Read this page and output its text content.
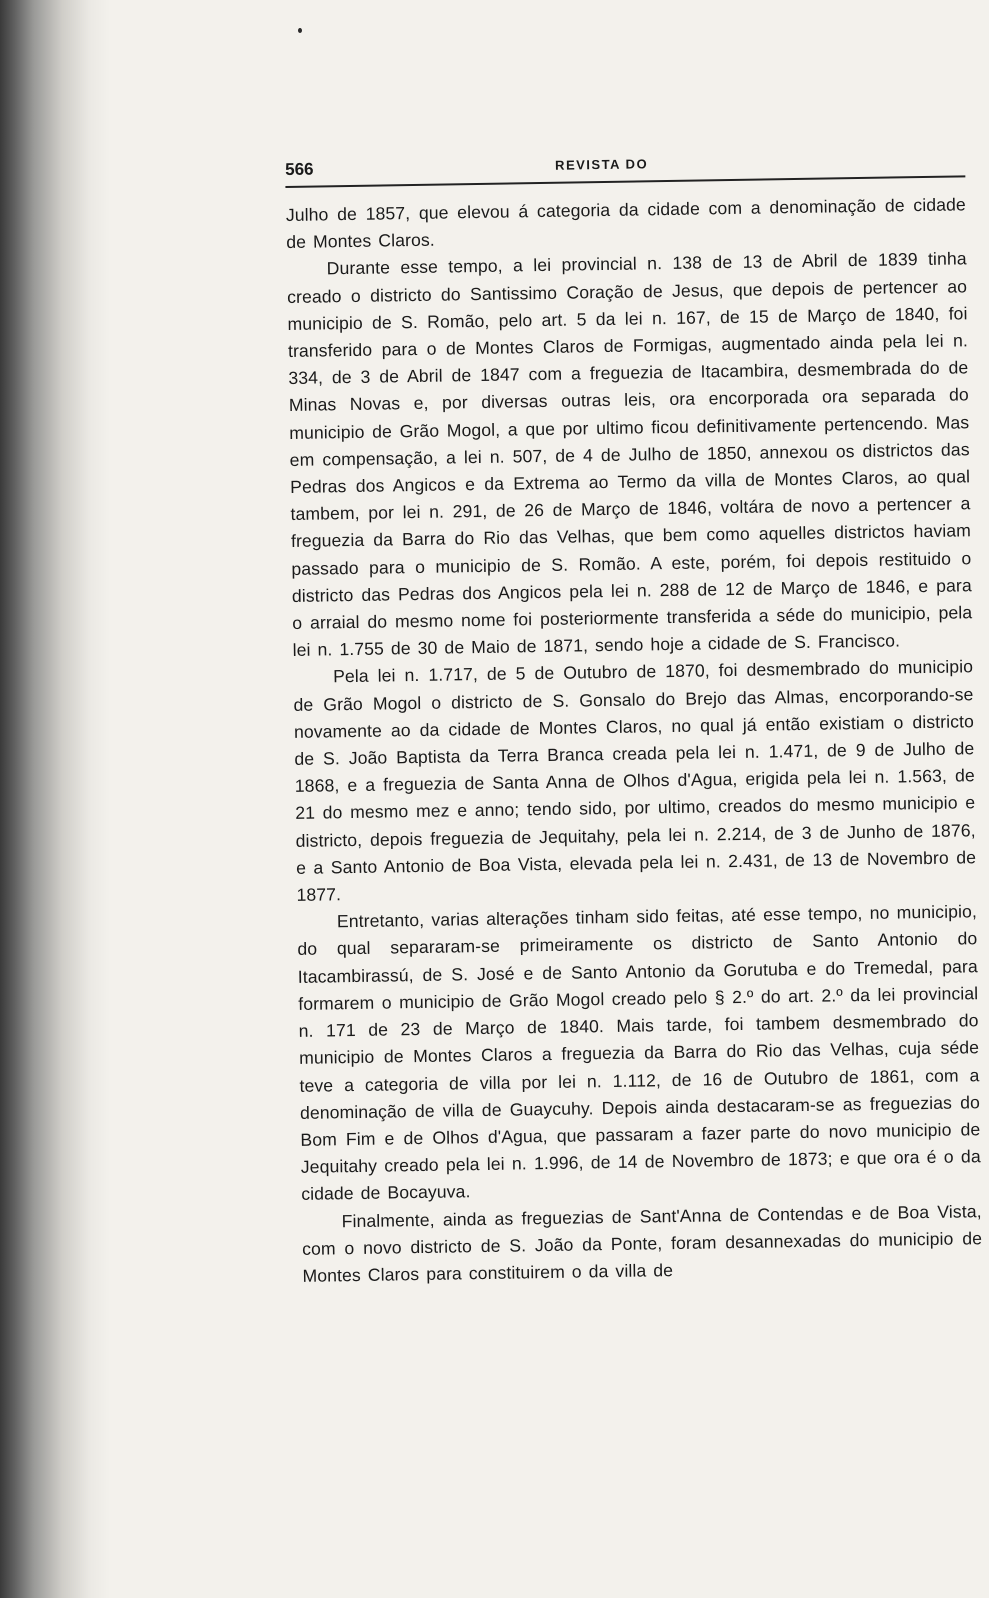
566	REVISTA DO

Julho de 1857, que elevou á categoria da cidade com a denominação de cidade de Montes Claros.

Durante esse tempo, a lei provincial n. 138 de 13 de Abril de 1839 tinha creado o districto do Santissimo Coração de Jesus, que depois de pertencer ao municipio de S. Romão, pelo art. 5 da lei n. 167, de 15 de Março de 1840, foi transferido para o de Montes Claros de Formigas, augmentado ainda pela lei n. 334, de 3 de Abril de 1847 com a freguezia de Itacambira, desmembrada do de Minas Novas e, por diversas outras leis, ora encorporada ora separada do municipio de Grão Mogol, a que por ultimo ficou definitivamente pertencendo. Mas em compensação, a lei n. 507, de 4 de Julho de 1850, annexou os districtos das Pedras dos Angicos e da Extrema ao Termo da villa de Montes Claros, ao qual tambem, por lei n. 291, de 26 de Março de 1846, voltára de novo a pertencer a freguezia da Barra do Rio das Velhas, que bem como aquelles districtos haviam passado para o municipio de S. Romão. A este, porém, foi depois restituido o districto das Pedras dos Angicos pela lei n. 288 de 12 de Março de 1846, e para o arraial do mesmo nome foi posteriormente transferida a séde do municipio, pela lei n. 1.755 de 30 de Maio de 1871, sendo hoje a cidade de S. Francisco.

Pela lei n. 1.717, de 5 de Outubro de 1870, foi desmembrado do municipio de Grão Mogol o districto de S. Gonsalo do Brejo das Almas, encorporando-se novamente ao da cidade de Montes Claros, no qual já então existiam o districto de S. João Baptista da Terra Branca creada pela lei n. 1.471, de 9 de Julho de 1868, e a freguezia de Santa Anna de Olhos d'Agua, erigida pela lei n. 1.563, de 21 do mesmo mez e anno; tendo sido, por ultimo, creados do mesmo municipio e districto, depois freguezia de Jequitahy, pela lei n. 2.214, de 3 de Junho de 1876, e a Santo Antonio de Boa Vista, elevada pela lei n. 2.431, de 13 de Novembro de 1877.

Entretanto, varias alterações tinham sido feitas, até esse tempo, no municipio, do qual separaram-se primeiramente os districto de Santo Antonio do Itacambirassú, de S. José e de Santo Antonio da Gorutuba e do Tremedal, para formarem o municipio de Grão Mogol creado pelo § 2.º do art. 2.º da lei provincial n. 171 de 23 de Março de 1840. Mais tarde, foi tambem desmembrado do municipio de Montes Claros a freguezia da Barra do Rio das Velhas, cuja séde teve a categoria de villa por lei n. 1.112, de 16 de Outubro de 1861, com a denominação de villa de Guaycuhy. Depois ainda destacaram-se as freguezias do Bom Fim e de Olhos d'Agua, que passaram a fazer parte do novo municipio de Jequitahy creado pela lei n. 1.996, de 14 de Novembro de 1873; e que ora é o da cidade de Bocayuva.

Finalmente, ainda as freguezias de Sant'Anna de Contendas e de Boa Vista, com o novo districto de S. João da Ponte, foram desannexadas do municipio de Montes Claros para constituirem o da villa de
